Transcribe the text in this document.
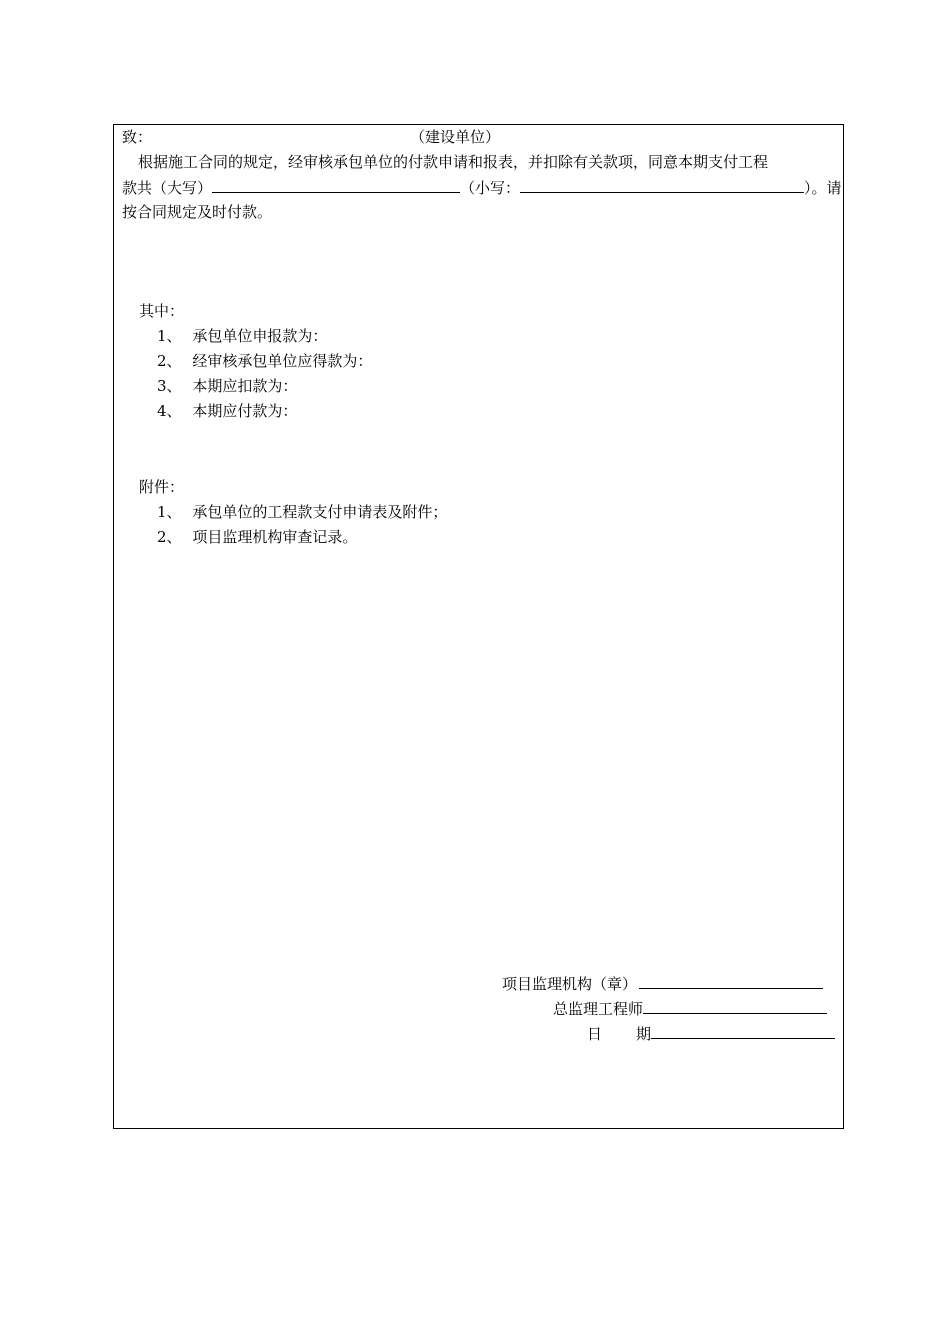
致：	（建设单位）
根据施工合同的规定，经审核承包单位的付款申请和报表，并扣除有关款项，同意本期支付工程
款共（大写）	（小写：	）。请
按合同规定及时付款。
其中：
1、 承包单位申报款为：
2、 经审核承包单位应得款为：
3、 本期应扣款为：
4、 本期应付款为：
附件：
1、 承包单位的工程款支付申请表及附件；
2、 项目监理机构审查记录。
项目监理机构（章）
总监理工程师
日 期
